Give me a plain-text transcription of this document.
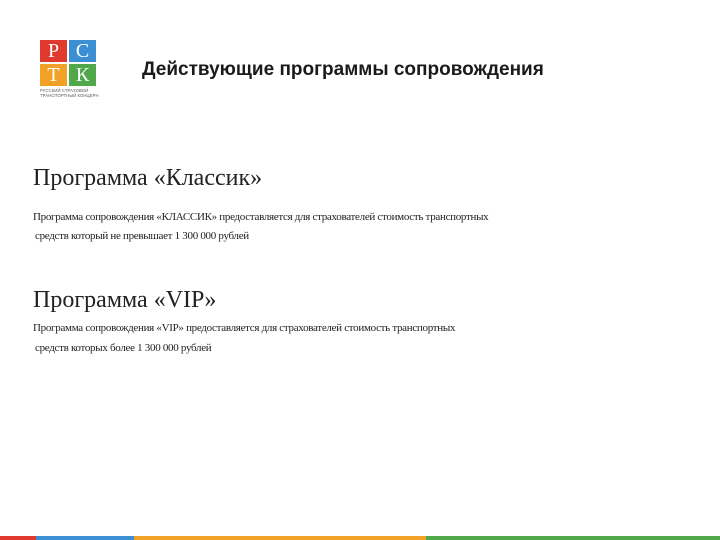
Р С
Т К
РУССКИЙ СТРАХОВОЙ
ТРАНСПОРТНЫЙ КОНЦЕРН
Действующие программы сопровождения
Программа «Классик»

Программа сопровождения «КЛАССИК» предоставляется для страхователей стоимость транспортных

средств который не превышает 1 300 000 рублей

Программа «VIP»

Программа сопровождения «VIP» предоставляется для страхователей стоимость транспортных

средств которых более 1 300 000 рублей
